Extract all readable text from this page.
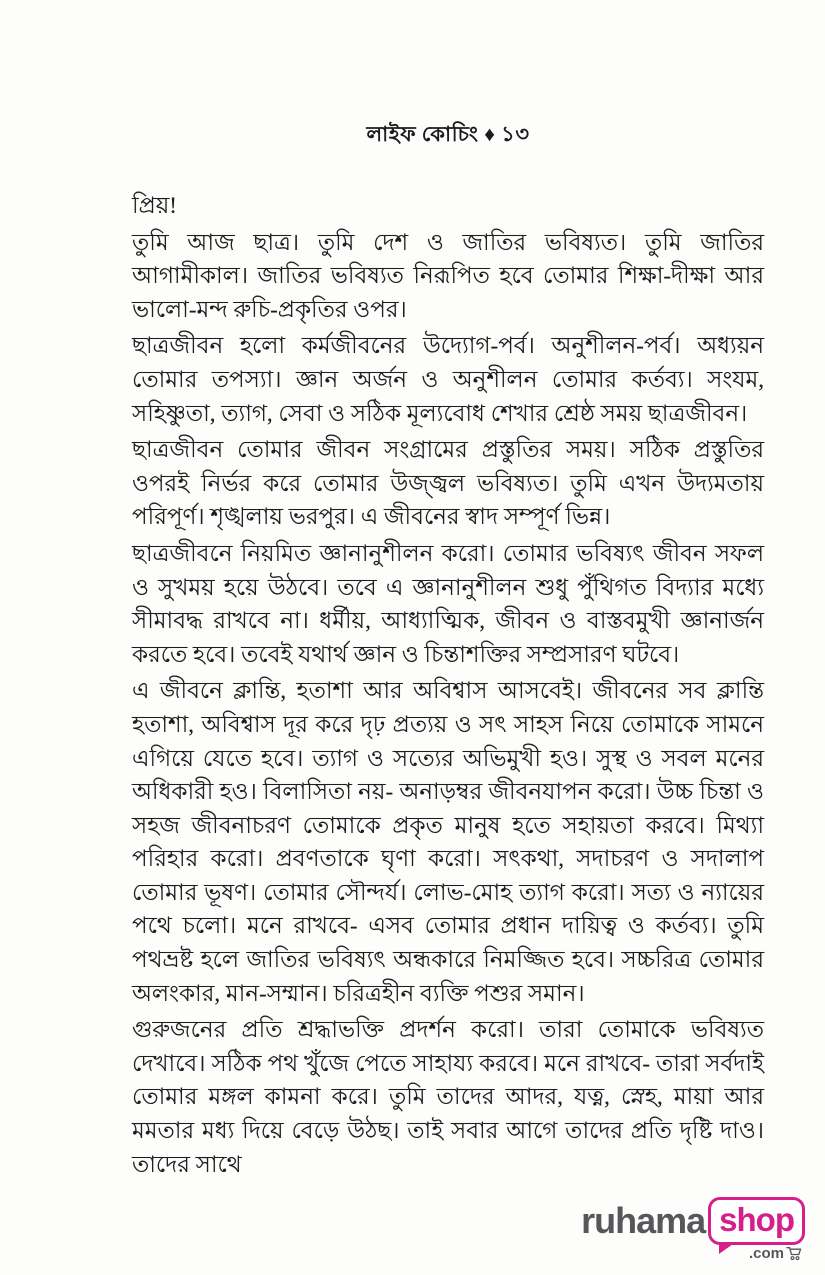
লাইফ কোচিং ♦ ১৩

প্রিয়!

তুমি আজ ছাত্র। তুমি দেশ ও জাতির ভবিষ্যত। তুমি জাতির আগামীকাল। জাতির ভবিষ্যত নিরূপিত হবে তোমার শিক্ষা-দীক্ষা আর ভালো-মন্দ রুচি-প্রকৃতির ওপর।

ছাত্রজীবন হলো কর্মজীবনের উদ্যোগ-পর্ব। অনুশীলন-পর্ব। অধ্যয়ন তোমার তপস্যা। জ্ঞান অর্জন ও অনুশীলন তোমার কর্তব্য। সংযম, সহিষ্ণুতা, ত্যাগ, সেবা ও সঠিক মূল্যবোধ শেখার শ্রেষ্ঠ সময় ছাত্রজীবন।

ছাত্রজীবন তোমার জীবন সংগ্রামের প্রস্তুতির সময়। সঠিক প্রস্তুতির ওপরই নির্ভর করে তোমার উজ্জ্বল ভবিষ্যত। তুমি এখন উদ্যমতায় পরিপূর্ণ। শৃঙ্খলায় ভরপুর। এ জীবনের স্বাদ সম্পূর্ণ ভিন্ন।

ছাত্রজীবনে নিয়মিত জ্ঞানানুশীলন করো। তোমার ভবিষ্যৎ জীবন সফল ও সুখময় হয়ে উঠবে। তবে এ জ্ঞানানুশীলন শুধু পুঁথিগত বিদ্যার মধ্যে সীমাবদ্ধ রাখবে না। ধর্মীয়, আধ্যাত্মিক, জীবন ও বাস্তবমুখী জ্ঞানার্জন করতে হবে। তবেই যথার্থ জ্ঞান ও চিন্তাশক্তির সম্প্রসারণ ঘটবে।

এ জীবনে ক্লান্তি, হতাশা আর অবিশ্বাস আসবেই। জীবনের সব ক্লান্তি হতাশা, অবিশ্বাস দূর করে দৃঢ় প্রত্যয় ও সৎ সাহস নিয়ে তোমাকে সামনে এগিয়ে যেতে হবে। ত্যাগ ও সত্যের অভিমুখী হও। সুস্থ ও সবল মনের অধিকারী হও। বিলাসিতা নয়- অনাড়ম্বর জীবনযাপন করো। উচ্চ চিন্তা ও সহজ জীবনাচরণ তোমাকে প্রকৃত মানুষ হতে সহায়তা করবে। মিথ্যা পরিহার করো। প্রবণতাকে ঘৃণা করো। সৎকথা, সদাচরণ ও সদালাপ তোমার ভূষণ। তোমার সৌন্দর্য। লোভ-মোহ ত্যাগ করো। সত্য ও ন্যায়ের পথে চলো। মনে রাখবে- এসব তোমার প্রধান দায়িত্ব ও কর্তব্য। তুমি পথভ্রষ্ট হলে জাতির ভবিষ্যৎ অন্ধকারে নিমজ্জিত হবে। সচ্চরিত্র তোমার অলংকার, মান-সম্মান। চরিত্রহীন ব্যক্তি পশুর সমান।

গুরুজনের প্রতি শ্রদ্ধাভক্তি প্রদর্শন করো। তারা তোমাকে ভবিষ্যত দেখাবে। সঠিক পথ খুঁজে পেতে সাহায্য করবে। মনে রাখবে- তারা সর্বদাই তোমার মঙ্গল কামনা করে। তুমি তাদের আদর, যত্ন, স্নেহ, মায়া আর মমতার মধ্য দিয়ে বেড়ে উঠছ। তাই সবার আগে তাদের প্রতি দৃষ্টি দাও। তাদের সাথে

ruhama shop
.com
